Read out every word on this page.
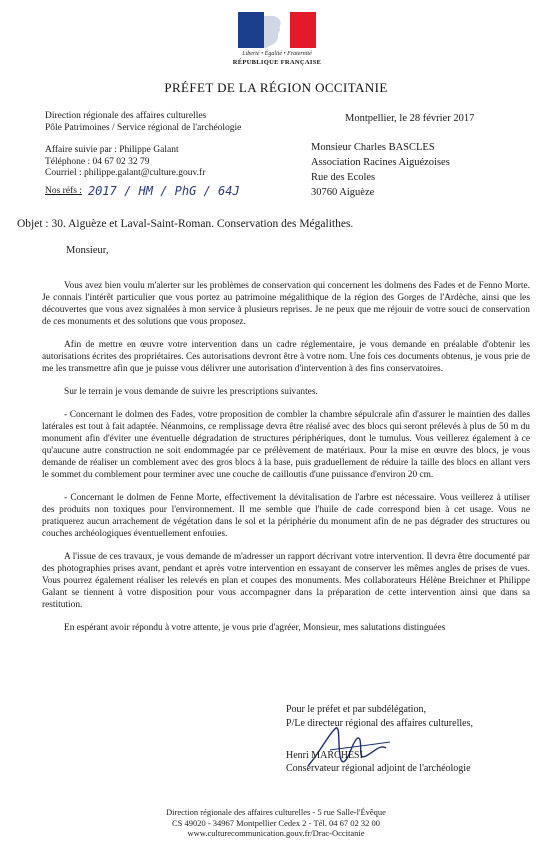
Liberté • Égalité • Fraternité
RÉPUBLIQUE FRANÇAISE
PRÉFET DE LA RÉGION OCCITANIE
Direction régionale des affaires culturelles
Pôle Patrimoines / Service régional de l'archéologie
Affaire suivie par : Philippe Galant
Téléphone : 04 67 02 32 79
Courriel : philippe.galant@culture.gouv.fr
Nos réfs : 2017 / HM / PhG / 64J
Montpellier, le 28 février 2017
Monsieur Charles BASCLES
Association Racines Aiguézoises
Rue des Ecoles
30760 Aiguèze
Objet : 30. Aiguèze et Laval-Saint-Roman. Conservation des Mégalithes.
Monsieur,

Vous avez bien voulu m'alerter sur les problèmes de conservation qui concernent les dolmens des Fades et de Fenno Morte. Je connais l'intérêt particulier que vous portez au patrimoine mégalithique de la région des Gorges de l'Ardèche, ainsi que les découvertes que vous avez signalées à mon service à plusieurs reprises. Je ne peux que me réjouir de votre souci de conservation de ces monuments et des solutions que vous proposez.

Afin de mettre en œuvre votre intervention dans un cadre réglementaire, je vous demande en préalable d'obtenir les autorisations écrites des propriétaires. Ces autorisations devront être à votre nom. Une fois ces documents obtenus, je vous prie de me les transmettre afin que je puisse vous délivrer une autorisation d'intervention à des fins conservatoires.

Sur le terrain je vous demande de suivre les prescriptions suivantes.

- Concernant le dolmen des Fades, votre proposition de combler la chambre sépulcrale afin d'assurer le maintien des dalles latérales est tout à fait adaptée. Néanmoins, ce remplissage devra être réalisé avec des blocs qui seront prélevés à plus de 50 m du monument afin d'éviter une éventuelle dégradation de structures périphériques, dont le tumulus. Vous veillerez également à ce qu'aucune autre construction ne soit endommagée par ce prélèvement de matériaux. Pour la mise en œuvre des blocs, je vous demande de réaliser un comblement avec des gros blocs à la base, puis graduellement de réduire la taille des blocs en allant vers le sommet du comblement pour terminer avec une couche de cailloutis d'une puissance d'environ 20 cm.

- Concernant le dolmen de Fenne Morte, effectivement la dévitalisation de l'arbre est nécessaire. Vous veillerez à utiliser des produits non toxiques pour l'environnement. Il me semble que l'huile de cade correspond bien à cet usage. Vous ne pratiquerez aucun arrachement de végétation dans le sol et la périphérie du monument afin de ne pas dégrader des structures ou couches archéologiques éventuellement enfouies.

A l'issue de ces travaux, je vous demande de m'adresser un rapport décrivant votre intervention. Il devra être documenté par des photographies prises avant, pendant et après votre intervention en essayant de conserver les mêmes angles de prises de vues. Vous pourrez également réaliser les relevés en plan et coupes des monuments. Mes collaborateurs Hélène Breichner et Philippe Galant se tiennent à votre disposition pour vous accompagner dans la préparation de cette intervention ainsi que dans sa restitution.

En espérant avoir répondu à votre attente, je vous prie d'agréer, Monsieur, mes salutations distinguées

Pour le préfet et par subdélégation,
P/Le directeur régional des affaires culturelles,
Henri MARCHESI
Conservateur régional adjoint de l'archéologie
Direction régionale des affaires culturelles - 5 rue Salle-l'Évêque
CS 49020 - 34967 Montpellier Cedex 2 - Tél. 04 67 02 32 00
www.culturecommunication.gouv.fr/Drac-Occitanie
